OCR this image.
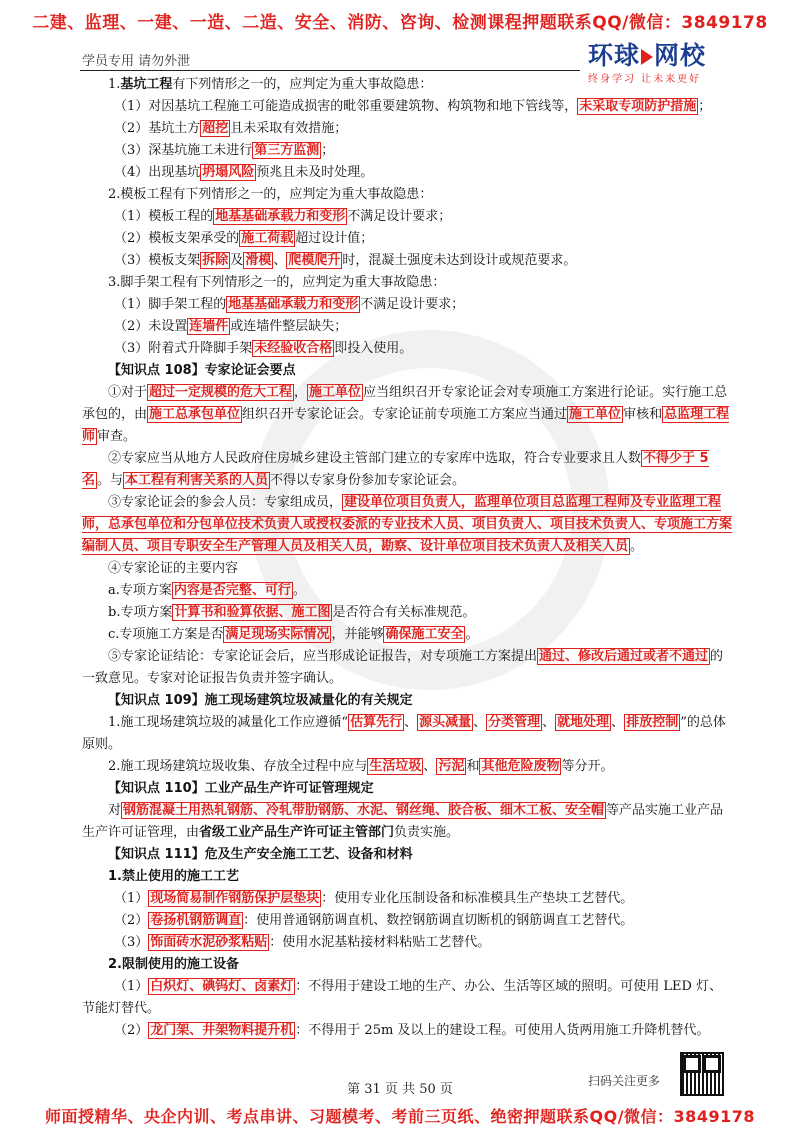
二建、监理、一建、一造、二造、安全、消防、咨询、检测课程押题联系QQ/微信：3849178
学员专用 请勿外泄	环球 网校
终身学习 让未来更好

1.基坑工程有下列情形之一的，应判定为重大事故隐患：

（1）对因基坑工程施工可能造成损害的毗邻重要建筑物、构筑物和地下管线等， 未采取专项防护措施 ；

（2）基坑土方 超挖 且未采取有效措施；

（3）深基坑施工未进行 第三方监测 ；

（4）出现基坑 坍塌风险 预兆且未及时处理。

2.模板工程有下列情形之一的，应判定为重大事故隐患：

（1）模板工程的 地基基础承载力和变形 不满足设计要求；

（2）模板支架承受的 施工荷载 超过设计值；

（3）模板支架 拆除 及 滑模 、 爬模爬升 时，混凝土强度未达到设计或规范要求。

3.脚手架工程有下列情形之一的，应判定为重大事故隐患：

（1）脚手架工程的 地基基础承载力和变形 不满足设计要求；

（2）未设置 连墙件 或连墙件整层缺失；

（3）附着式升降脚手架 未经验收合格 即投入使用。

【知识点 108】专家论证会要点

①对于 超过一定规模的危大工程 ， 施工单位 应当组织召开专家论证会对专项施工方案进行论证。实行施工总承包的，由 施工总承包单位 组织召开专家论证会。专家论证前专项施工方案应当通过 施工单位 审核和 总监理工程师 审查。

②专家应当从地方人民政府住房城乡建设主管部门建立的专家库中选取，符合专业要求且人数 不得少于 5 名 。与 本工程有利害关系的人员 不得以专家身份参加专家论证会。

③专家论证会的参会人员：专家组成员， 建设单位项目负责人，监理单位项目总监理工程师及专业监理工程师，总承包单位和分包单位技术负责人或授权委派的专业技术人员、项目负责人、项目技术负责人、专项施工方案编制人员、项目专职安全生产管理人员及相关人员，勘察、设计单位项目技术负责人及相关人员 。

④专家论证的主要内容

a.专项方案 内容是否完整、可行 。

b.专项方案 计算书和验算依据、施工图 是否符合有关标准规范。

c.专项施工方案是否 满足现场实际情况 ，并能够 确保施工安全 。

⑤专家论证结论：专家论证会后，应当形成论证报告，对专项施工方案提出 通过、修改后通过或者不通过 的一致意见。专家对论证报告负责并签字确认。

【知识点 109】施工现场建筑垃圾减量化的有关规定

1.施工现场建筑垃圾的减量化工作应遵循“ 估算先行 、 源头减量 、 分类管理 、 就地处理 、 排放控制 ”的总体原则。

2.施工现场建筑垃圾收集、存放全过程中应与 生活垃圾 、 污泥 和 其他危险废物 等分开。

【知识点 110】工业产品生产许可证管理规定

对 钢筋混凝土用热轧钢筋、冷轧带肋钢筋、水泥、钢丝绳、胶合板、细木工板、安全帽 等产品实施工业产品生产许可证管理，由省级工业产品生产许可证主管部门负责实施。

【知识点 111】危及生产安全施工工艺、设备和材料

1.禁止使用的施工工艺

（1） 现场简易制作钢筋保护层垫块 ：使用专业化压制设备和标准模具生产垫块工艺替代。

（2） 卷扬机钢筋调直 ：使用普通钢筋调直机、数控钢筋调直切断机的钢筋调直工艺替代。

（3） 饰面砖水泥砂浆粘贴 ：使用水泥基粘接材料粘贴工艺替代。

2.限制使用的施工设备

（1） 白炽灯、碘钨灯、卤素灯 ：不得用于建设工地的生产、办公、生活等区域的照明。可使用 LED 灯、节能灯替代。

（2） 龙门架、井架物料提升机 ：不得用于 25m 及以上的建设工程。可使用人货两用施工升降机替代。

扫码关注更多
第 31 页 共 50 页
师面授精华、央企内训、考点串讲、习题模考、考前三页纸、绝密押题联系QQ/微信：3849178
